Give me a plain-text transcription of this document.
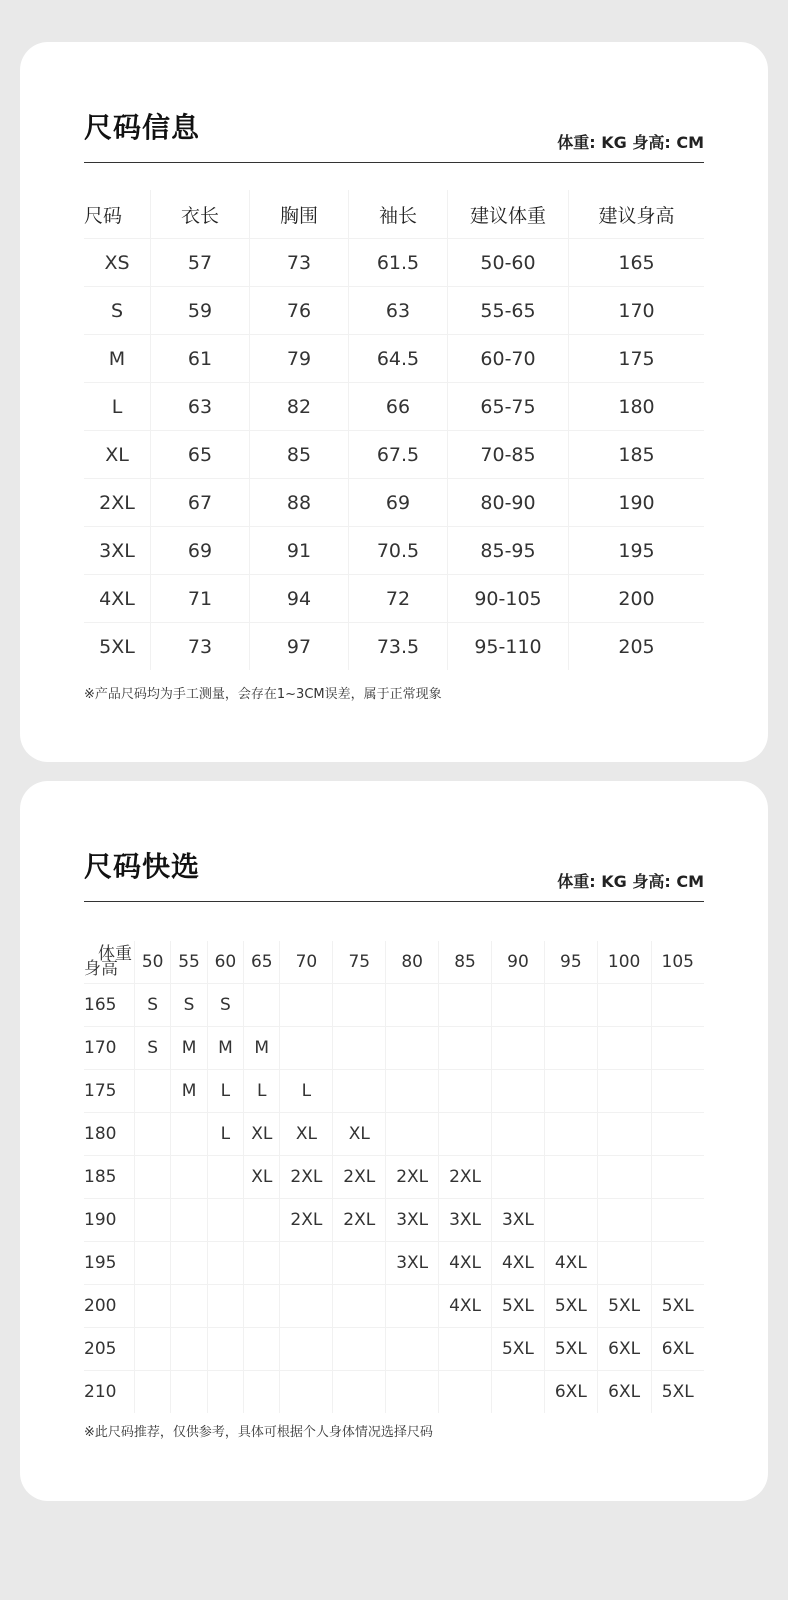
尺码信息	体重: KG 身高: CM
尺码	衣长	胸围	袖长	建议体重	建议身高
XS	57	73	61.5	50-60	165
S	59	76	63	55-65	170
M	61	79	64.5	60-70	175
L	63	82	66	65-75	180
XL	65	85	67.5	70-85	185
2XL	67	88	69	80-90	190
3XL	69	91	70.5	85-95	195
4XL	71	94	72	90-105	200
5XL	73	97	73.5	95-110	205
※产品尺码均为手工测量，会存在1~3CM误差，属于正常现象
尺码快选	体重: KG 身高: CM
体重
身高	50	55	60	65	70	75	80	85	90	95	100	105
165	S	S	S									
170	S	M	M	M								
175		M	L	L	L							
180			L	XL	XL	XL						
185				XL	2XL	2XL	2XL	2XL				
190					2XL	2XL	3XL	3XL	3XL			
195							3XL	4XL	4XL	4XL		
200								4XL	5XL	5XL	5XL	5XL
205									5XL	5XL	6XL	6XL
210										6XL	6XL	5XL
※此尺码推荐，仅供参考，具体可根据个人身体情况选择尺码
